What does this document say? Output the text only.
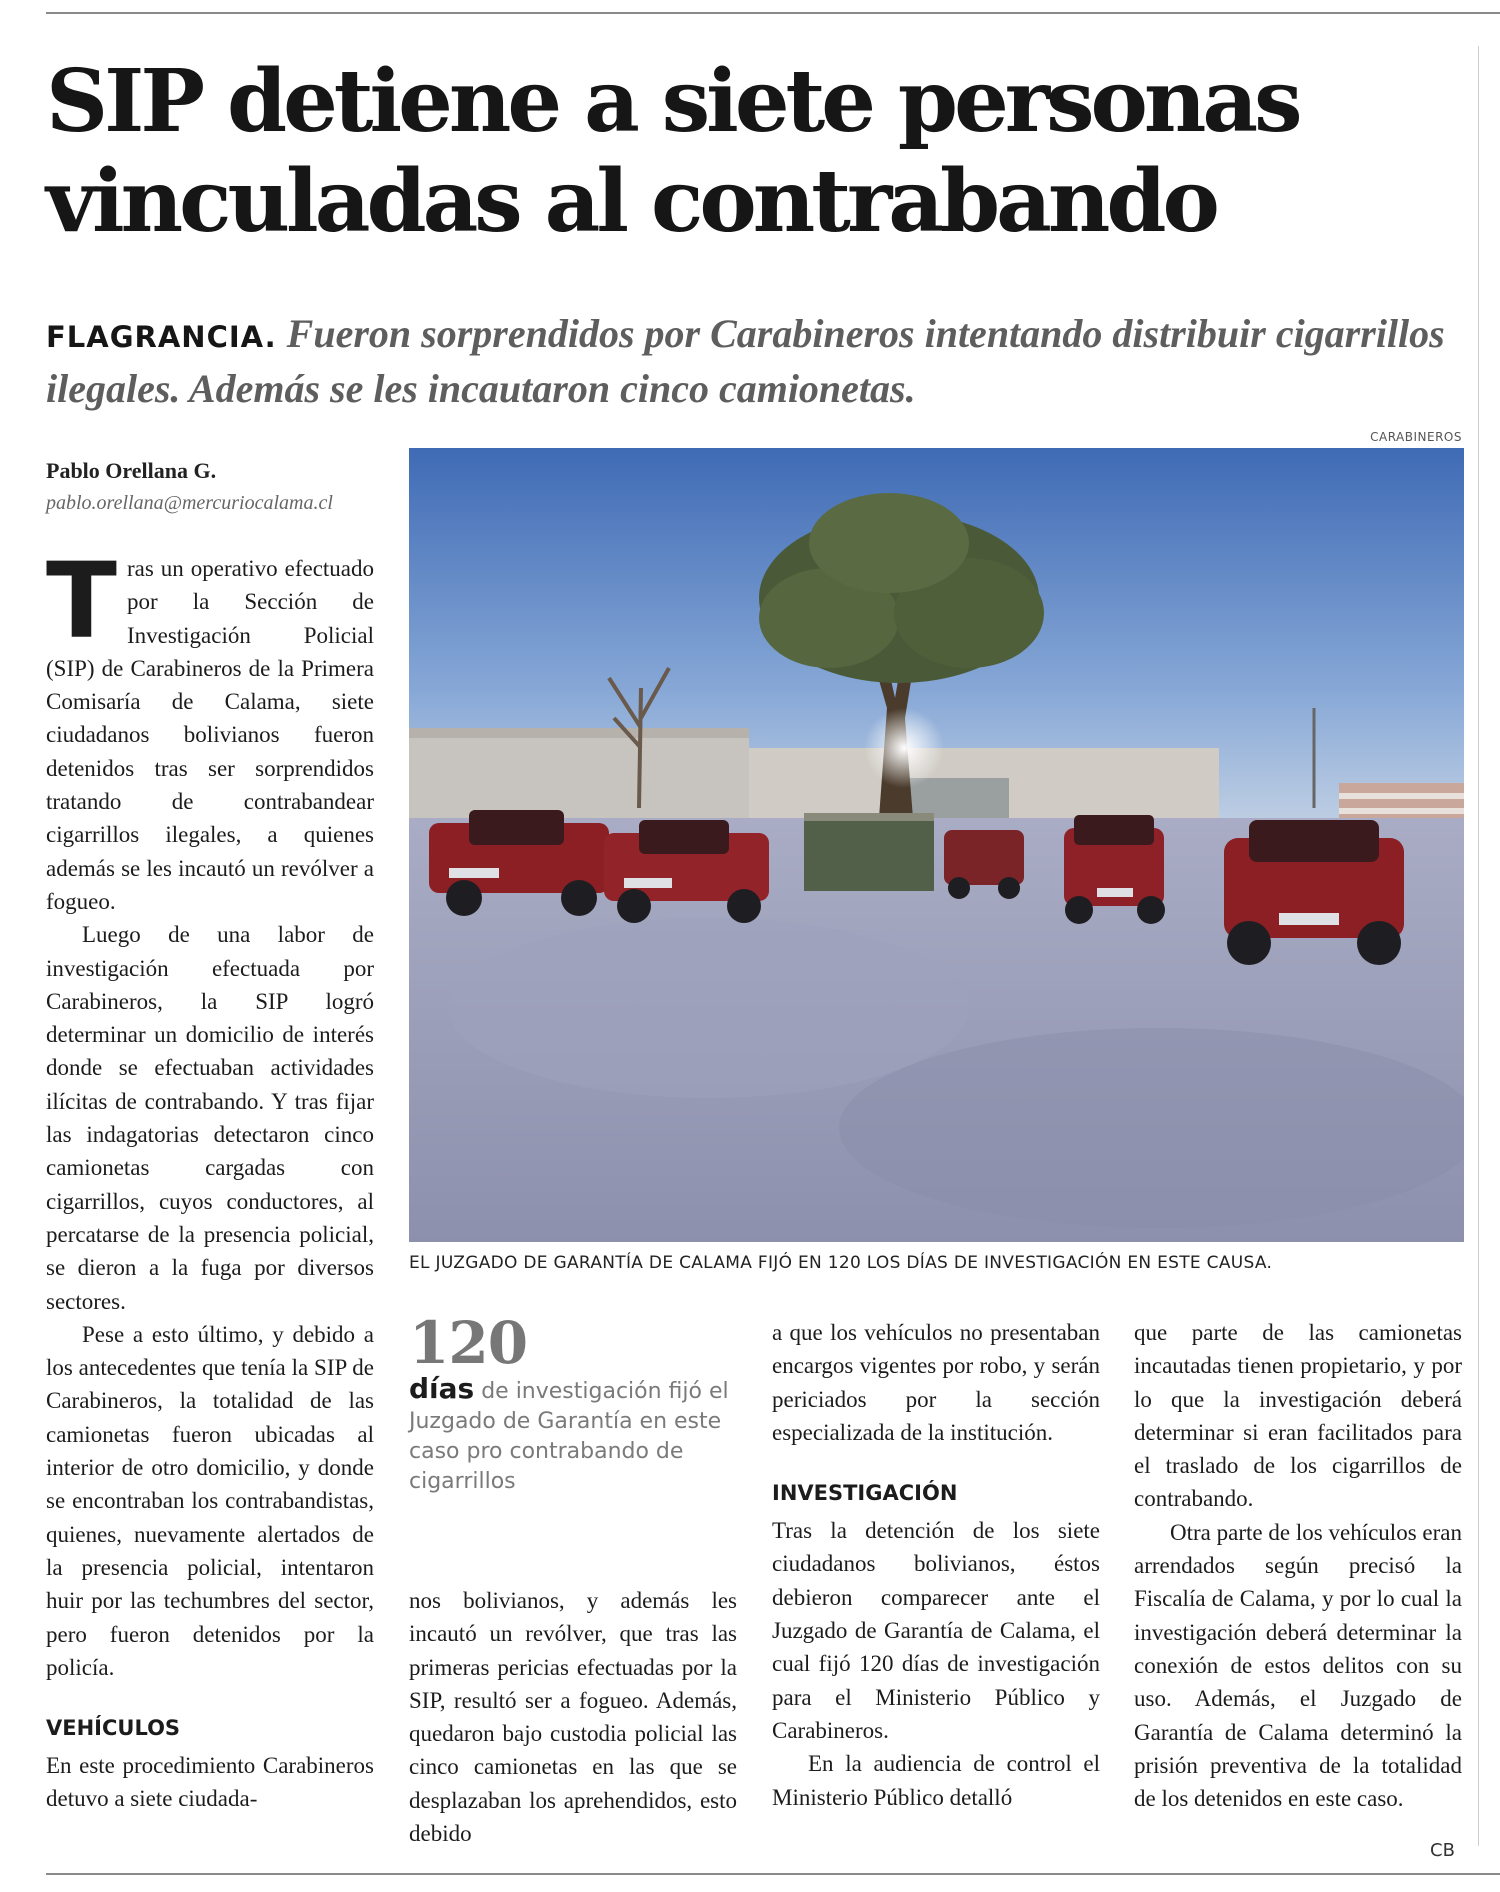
SIP detiene a siete personas vinculadas al contrabando
FLAGRANCIA. Fueron sorprendidos por Carabineros intentando distribuir cigarrillos ilegales. Además se les incautaron cinco camionetas.
Pablo Orellana G.
pablo.orellana@mercuriocalama.cl

Tras un operativo efectuado por la Sección de Investigación Policial (SIP) de Carabineros de la Primera Comisaría de Calama, siete ciudadanos bolivianos fueron detenidos tras ser sorprendidos tratando de contrabandear cigarrillos ilegales, a quienes además se les incautó un revólver a fogueo.

Luego de una labor de investigación efectuada por Carabineros, la SIP logró determinar un domicilio de interés donde se efectuaban actividades ilícitas de contrabando. Y tras fijar las indagatorias detectaron cinco camionetas cargadas con cigarrillos, cuyos conductores, al percatarse de la presencia policial, se dieron a la fuga por diversos sectores.

Pese a esto último, y debido a los antecedentes que tenía la SIP de Carabineros, la totalidad de las camionetas fueron ubicadas al interior de otro domicilio, y donde se encontraban los contrabandistas, quienes, nuevamente alertados de la presencia policial, intentaron huir por las techumbres del sector, pero fueron detenidos por la policía.

VEHÍCULOS

En este procedimiento Carabineros detuvo a siete ciudada-

CARABINEROS
EL JUZGADO DE GARANTÍA DE CALAMA FIJÓ EN 120 LOS DÍAS DE INVESTIGACIÓN EN ESTE CAUSA.
120
días de investigación fijó el Juzgado de Garantía en este caso pro contrabando de cigarrillos

nos bolivianos, y además les incautó un revólver, que tras las primeras pericias efectuadas por la SIP, resultó ser a fogueo. Además, quedaron bajo custodia policial las cinco camionetas en las que se desplazaban los aprehendidos, esto debido

a que los vehículos no presentaban encargos vigentes por robo, y serán periciados por la sección especializada de la institución.

INVESTIGACIÓN

Tras la detención de los siete ciudadanos bolivianos, éstos debieron comparecer ante el Juzgado de Garantía de Calama, el cual fijó 120 días de investigación para el Ministerio Público y Carabineros.

En la audiencia de control el Ministerio Público detalló

que parte de las camionetas incautadas tienen propietario, y por lo que la investigación deberá determinar si eran facilitados para el traslado de los cigarrillos de contrabando.

Otra parte de los vehículos eran arrendados según precisó la Fiscalía de Calama, y por lo cual la investigación deberá determinar la conexión de estos delitos con su uso. Además, el Juzgado de Garantía de Calama determinó la prisión preventiva de la totalidad de los detenidos en este caso.

CB
